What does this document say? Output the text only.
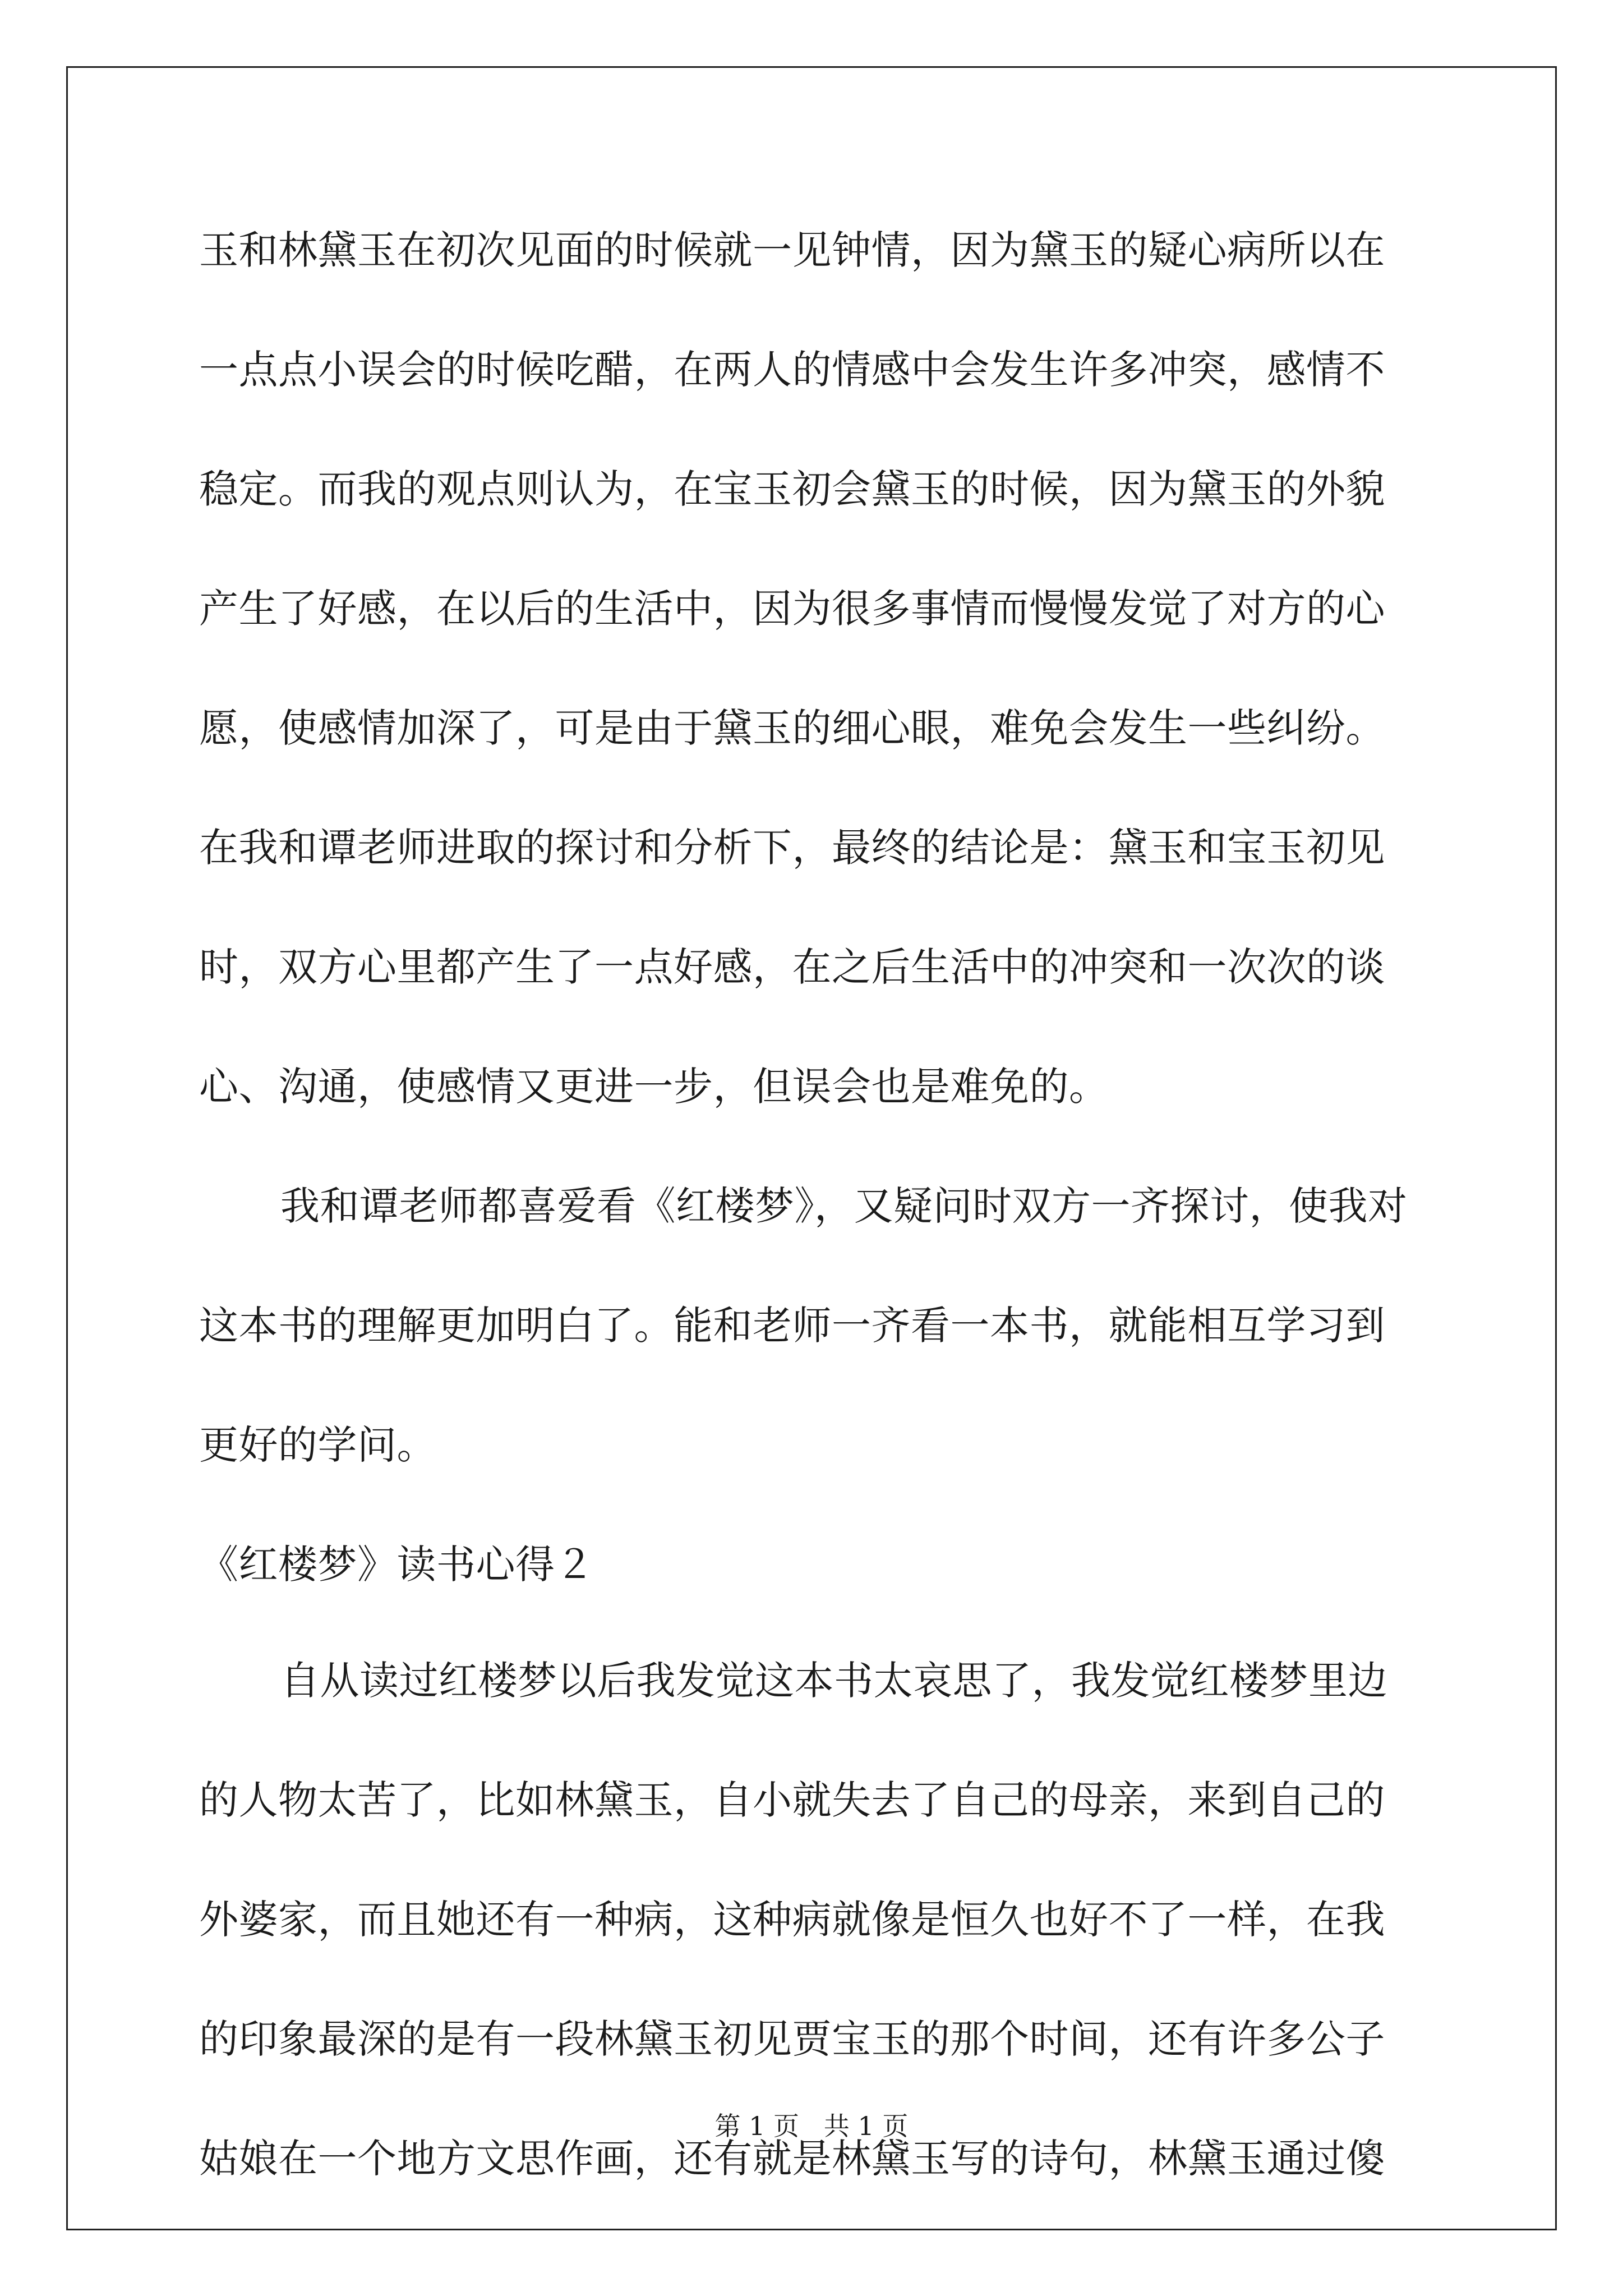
玉和林黛玉在初次见面的时候就一见钟情，因为黛玉的疑心病所以在
一点点小误会的时候吃醋，在两人的情感中会发生许多冲突，感情不
稳定。而我的观点则认为，在宝玉初会黛玉的时候，因为黛玉的外貌
产生了好感，在以后的生活中，因为很多事情而慢慢发觉了对方的心
愿，使感情加深了，可是由于黛玉的细心眼，难免会发生一些纠纷。
在我和谭老师进取的探讨和分析下，最终的结论是：黛玉和宝玉初见
时，双方心里都产生了一点好感，在之后生活中的冲突和一次次的谈
心、沟通，使感情又更进一步，但误会也是难免的。
我和谭老师都喜爱看《红楼梦》，又疑问时双方一齐探讨，使我对
这本书的理解更加明白了。能和老师一齐看一本书，就能相互学习到
更好的学问。
《红楼梦》读书心得２
自从读过红楼梦以后我发觉这本书太哀思了，我发觉红楼梦里边
的人物太苦了，比如林黛玉，自小就失去了自己的母亲，来到自己的
外婆家，而且她还有一种病，这种病就像是恒久也好不了一样，在我
的印象最深的是有一段林黛玉初见贾宝玉的那个时间，还有许多公子
姑娘在一个地方文思作画，还有就是林黛玉写的诗句，林黛玉通过傻
第 1 页   共 1 页
